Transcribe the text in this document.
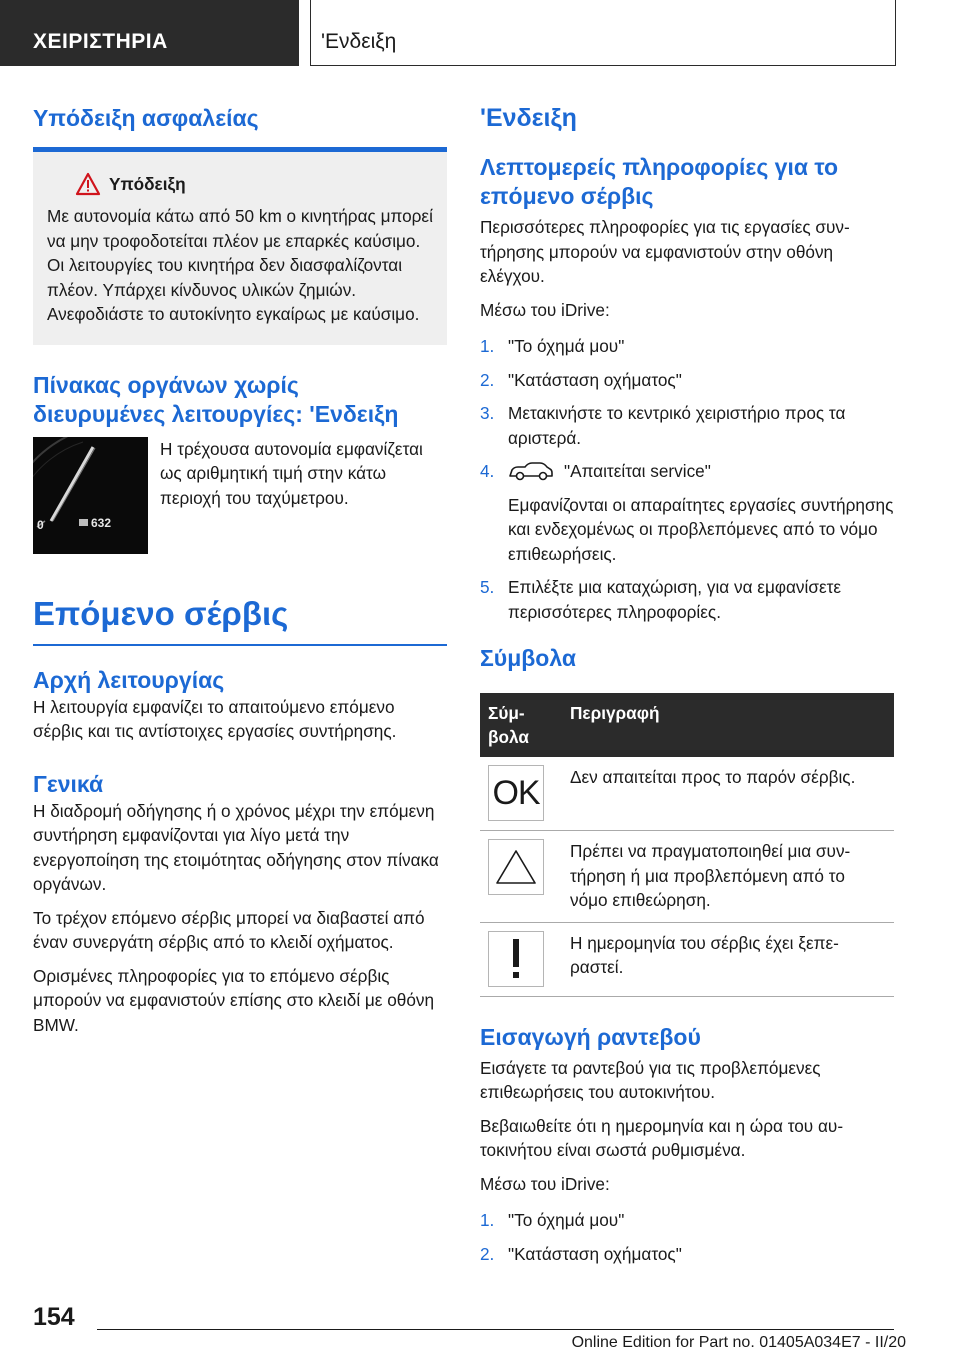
ΧΕΙΡΙΣΤΗΡΙΑ	'Ενδειξη
Υπόδειξη ασφαλείας
Υπόδειξη

Με αυτονομία κάτω από 50 km ο κινητήρας μπορεί να μην τροφοδοτείται πλέον με επαρκές καύσιμο. Οι λειτουργίες του κινητήρα δεν διασφαλίζονται πλέον. Υπάρχει κίνδυνος υλικών ζημιών. Ανεφοδιάστε το αυτοκίνητο εγκαίρως με καύσιμο.

Πίνακας οργάνων χωρίς διευρυμένες λειτουργίες: 'Ενδειξη
0	632
Η τρέχουσα αυτονομία εμφανίζεται ως αριθμητική τιμή στην κάτω περιοχή του ταχύμετρου.
Επόμενο σέρβις
Αρχή λειτουργίας

Η λειτουργία εμφανίζει το απαιτούμενο επόμενο σέρβις και τις αντίστοιχες εργασίες συντήρησης.

Γενικά

Η διαδρομή οδήγησης ή ο χρόνος μέχρι την επόμενη συντήρηση εμφανίζονται για λίγο μετά την ενεργοποίηση της ετοιμότητας οδήγησης στον πίνακα οργάνων.

Το τρέχον επόμενο σέρβις μπορεί να διαβαστεί από έναν συνεργάτη σέρβις από το κλειδί οχήματος.

Ορισμένες πληροφορίες για το επόμενο σέρβις μπορούν να εμφανιστούν επίσης στο κλειδί με οθόνη BMW.

'Ενδειξη
Λεπτομερείς πληροφορίες για το επόμενο σέρβις

Περισσότερες πληροφορίες για τις εργασίες συντήρησης μπορούν να εμφανιστούν στην οθόνη ελέγχου.

Μέσω του iDrive:

1. "Το όχημά μου"
2. "Κατάσταση οχήματος"
3. Μετακινήστε το κεντρικό χειριστήριο προς τα αριστερά.
4.	"Απαιτείται service"
Εμφανίζονται οι απαραίτητες εργασίες συντήρησης και ενδεχομένως οι προβλεπόμενες από το νόμο επιθεωρήσεις.
5. Επιλέξτε μια καταχώριση, για να εμφανίσετε περισσότερες πληροφορίες.
Σύμβολα
Σύμβολα	Περιγραφή

OK	Δεν απαιτείται προς το παρόν σέρβις.

	Πρέπει να πραγματοποιηθεί μια συντήρηση ή μια προβλεπόμενη από το νόμο επιθεώρηση.

	Η ημερομηνία του σέρβις έχει ξεπεραστεί.
Εισαγωγή ραντεβού

Εισάγετε τα ραντεβού για τις προβλεπόμενες επιθεωρήσεις του αυτοκινήτου.

Βεβαιωθείτε ότι η ημερομηνία και η ώρα του αυτοκινήτου είναι σωστά ρυθμισμένα.

Μέσω του iDrive:

1. "Το όχημά μου"
2. "Κατάσταση οχήματος"
154
Online Edition for Part no. 01405A034E7 - II/20
